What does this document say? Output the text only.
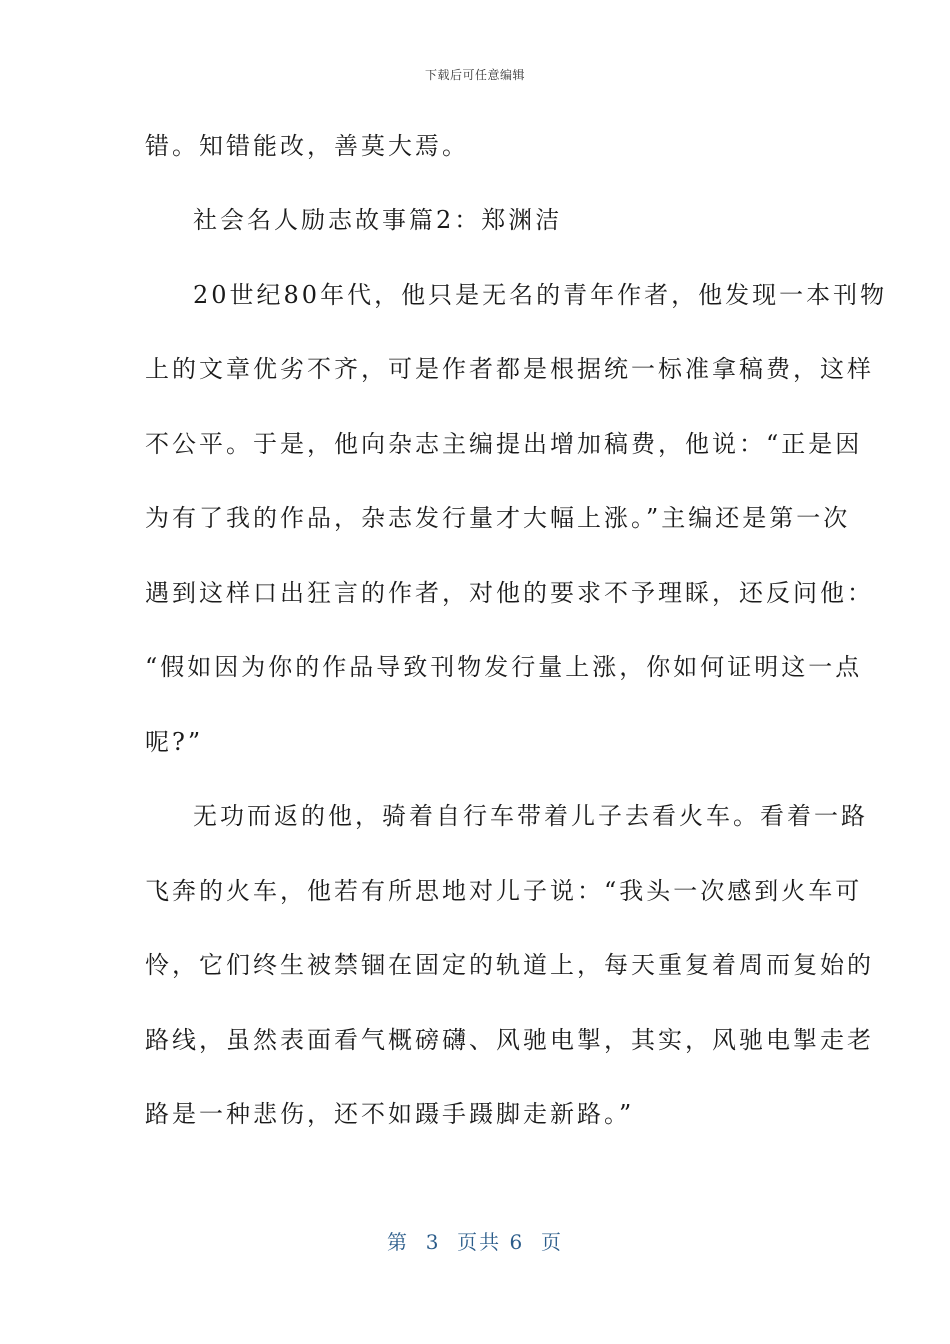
下载后可任意编辑
错。知错能改，善莫大焉。
社会名人励志故事篇2：郑渊洁
20世纪80年代，他只是无名的青年作者，他发现一本刊物
上的文章优劣不齐，可是作者都是根据统一标准拿稿费，这样
不公平。于是，他向杂志主编提出增加稿费，他说：“正是因
为有了我的作品，杂志发行量才大幅上涨。”主编还是第一次
遇到这样口出狂言的作者，对他的要求不予理睬，还反问他：
“假如因为你的作品导致刊物发行量上涨，你如何证明这一点
呢?”
无功而返的他，骑着自行车带着儿子去看火车。看着一路
飞奔的火车，他若有所思地对儿子说：“我头一次感到火车可
怜，它们终生被禁锢在固定的轨道上，每天重复着周而复始的
路线，虽然表面看气概磅礴、风驰电掣，其实，风驰电掣走老
路是一种悲伤，还不如蹑手蹑脚走新路。”
第  3  页共 6  页
